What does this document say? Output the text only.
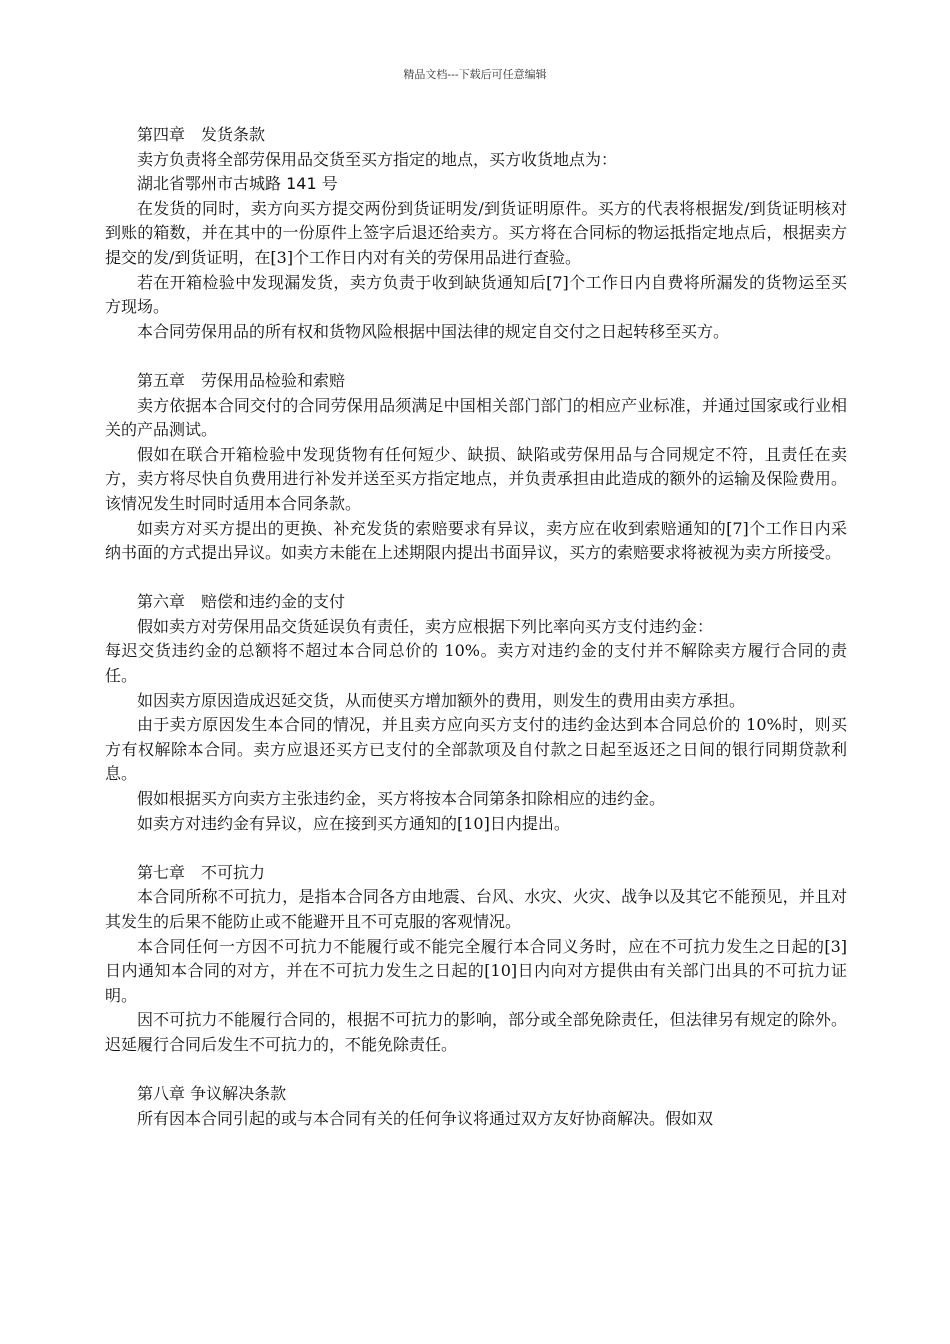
精品文档---下载后可任意编辑
第四章　发货条款

卖方负责将全部劳保用品交货至买方指定的地点，买方收货地点为：

湖北省鄂州市古城路 141 号

在发货的同时，卖方向买方提交两份到货证明发/到货证明原件。买方的代表将根据发/到货证明核对到账的箱数，并在其中的一份原件上签字后退还给卖方。买方将在合同标的物运抵指定地点后，根据卖方提交的发/到货证明，在[3]个工作日内对有关的劳保用品进行查验。

若在开箱检验中发现漏发货，卖方负责于收到缺货通知后[7]个工作日内自费将所漏发的货物运至买方现场。

本合同劳保用品的所有权和货物风险根据中国法律的规定自交付之日起转移至买方。

第五章　劳保用品检验和索赔

卖方依据本合同交付的合同劳保用品须满足中国相关部门部门的相应产业标准，并通过国家或行业相关的产品测试。

假如在联合开箱检验中发现货物有任何短少、缺损、缺陷或劳保用品与合同规定不符，且责任在卖方，卖方将尽快自负费用进行补发并送至买方指定地点，并负责承担由此造成的额外的运输及保险费用。该情况发生时同时适用本合同条款。

如卖方对买方提出的更换、补充发货的索赔要求有异议，卖方应在收到索赔通知的[7]个工作日内采纳书面的方式提出异议。如卖方未能在上述期限内提出书面异议，买方的索赔要求将被视为卖方所接受。

第六章　赔偿和违约金的支付

假如卖方对劳保用品交货延误负有责任，卖方应根据下列比率向买方支付违约金：

每迟交货违约金的总额将不超过本合同总价的 10%。卖方对违约金的支付并不解除卖方履行合同的责任。

如因卖方原因造成迟延交货，从而使买方增加额外的费用，则发生的费用由卖方承担。

由于卖方原因发生本合同的情况，并且卖方应向买方支付的违约金达到本合同总价的 10%时，则买方有权解除本合同。卖方应退还买方已支付的全部款项及自付款之日起至返还之日间的银行同期贷款利息。

假如根据买方向卖方主张违约金，买方将按本合同第条扣除相应的违约金。

如卖方对违约金有异议，应在接到买方通知的[10]日内提出。

第七章　不可抗力

本合同所称不可抗力，是指本合同各方由地震、台风、水灾、火灾、战争以及其它不能预见，并且对其发生的后果不能防止或不能避开且不可克服的客观情况。

本合同任何一方因不可抗力不能履行或不能完全履行本合同义务时，应在不可抗力发生之日起的[3]日内通知本合同的对方，并在不可抗力发生之日起的[10]日内向对方提供由有关部门出具的不可抗力证明。

因不可抗力不能履行合同的，根据不可抗力的影响，部分或全部免除责任，但法律另有规定的除外。迟延履行合同后发生不可抗力的，不能免除责任。

第八章 争议解决条款

所有因本合同引起的或与本合同有关的任何争议将通过双方友好协商解决。假如双
